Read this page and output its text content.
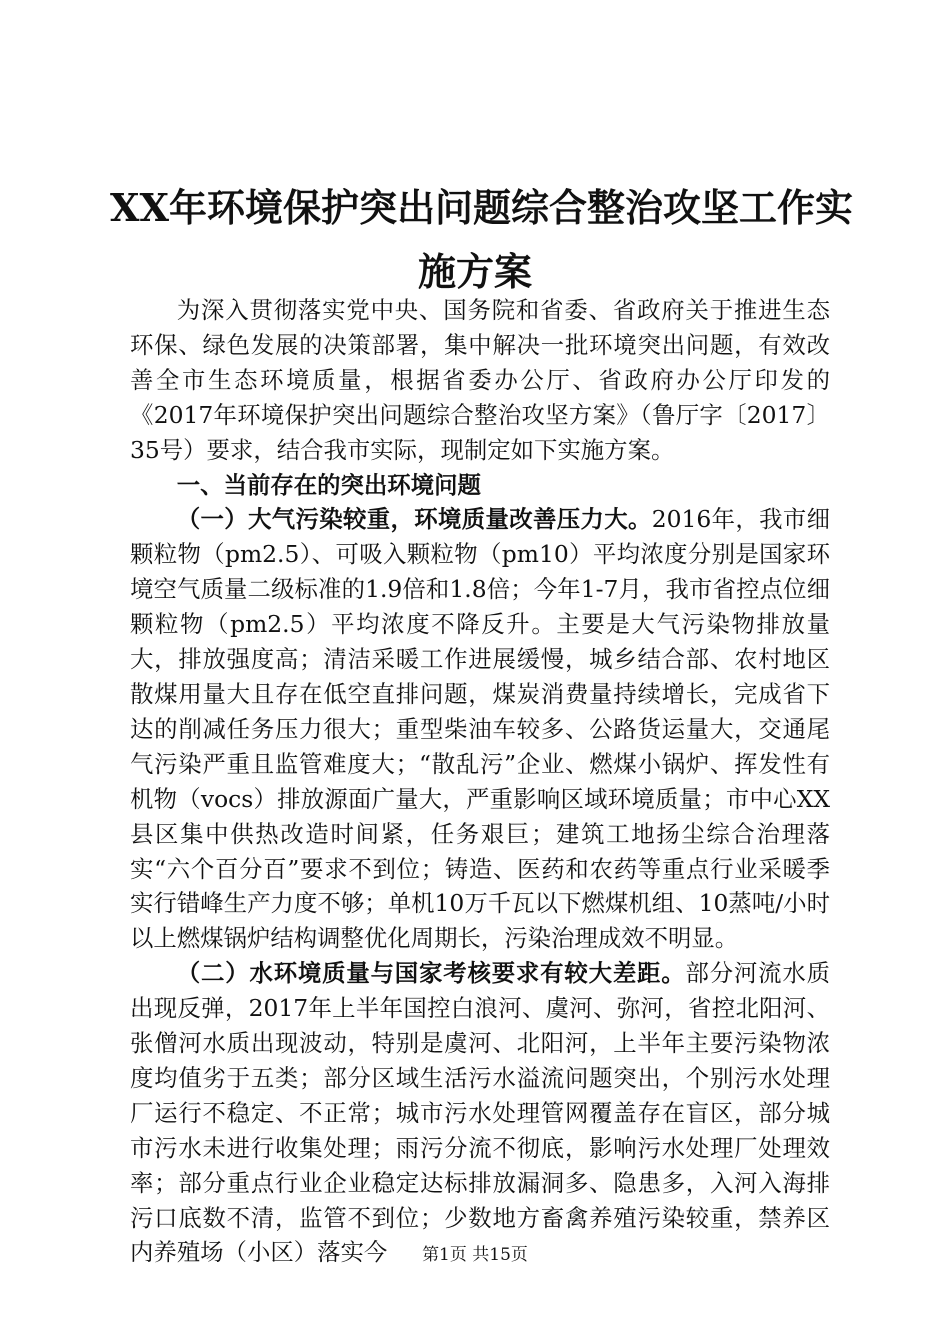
XX年环境保护突出问题综合整治攻坚工作实
施方案

为深入贯彻落实党中央、国务院和省委、省政府关于推进生态环保、绿色发展的决策部署，集中解决一批环境突出问题，有效改善全市生态环境质量，根据省委办公厅、省政府办公厅印发的《2017年环境保护突出问题综合整治攻坚方案》（鲁厅字〔2017〕35号）要求，结合我市实际，现制定如下实施方案。

一、当前存在的突出环境问题

（一）大气污染较重，环境质量改善压力大。2016年，我市细颗粒物（pm2.5）、可吸入颗粒物（pm10）平均浓度分别是国家环境空气质量二级标准的1.9倍和1.8倍；今年1-7月，我市省控点位细颗粒物（pm2.5）平均浓度不降反升。主要是大气污染物排放量大，排放强度高；清洁采暖工作进展缓慢，城乡结合部、农村地区散煤用量大且存在低空直排问题，煤炭消费量持续增长，完成省下达的削减任务压力很大；重型柴油车较多、公路货运量大，交通尾气污染严重且监管难度大；“散乱污”企业、燃煤小锅炉、挥发性有机物（vocs）排放源面广量大，严重影响区域环境质量；市中心XX县区集中供热改造时间紧，任务艰巨；建筑工地扬尘综合治理落实“六个百分百”要求不到位；铸造、医药和农药等重点行业采暖季实行错峰生产力度不够；单机10万千瓦以下燃煤机组、10蒸吨/小时以上燃煤锅炉结构调整优化周期长，污染治理成效不明显。

（二）水环境质量与国家考核要求有较大差距。部分河流水质出现反弹，2017年上半年国控白浪河、虞河、弥河，省控北阳河、张僧河水质出现波动，特别是虞河、北阳河，上半年主要污染物浓度均值劣于五类；部分区域生活污水溢流问题突出，个别污水处理厂运行不稳定、不正常；城市污水处理管网覆盖存在盲区，部分城市污水未进行收集处理；雨污分流不彻底，影响污水处理厂处理效率；部分重点行业企业稳定达标排放漏洞多、隐患多，入河入海排污口底数不清，监管不到位；少数地方畜禽养殖污染较重，禁养区内养殖场（小区）落实今	第1页 共15页
